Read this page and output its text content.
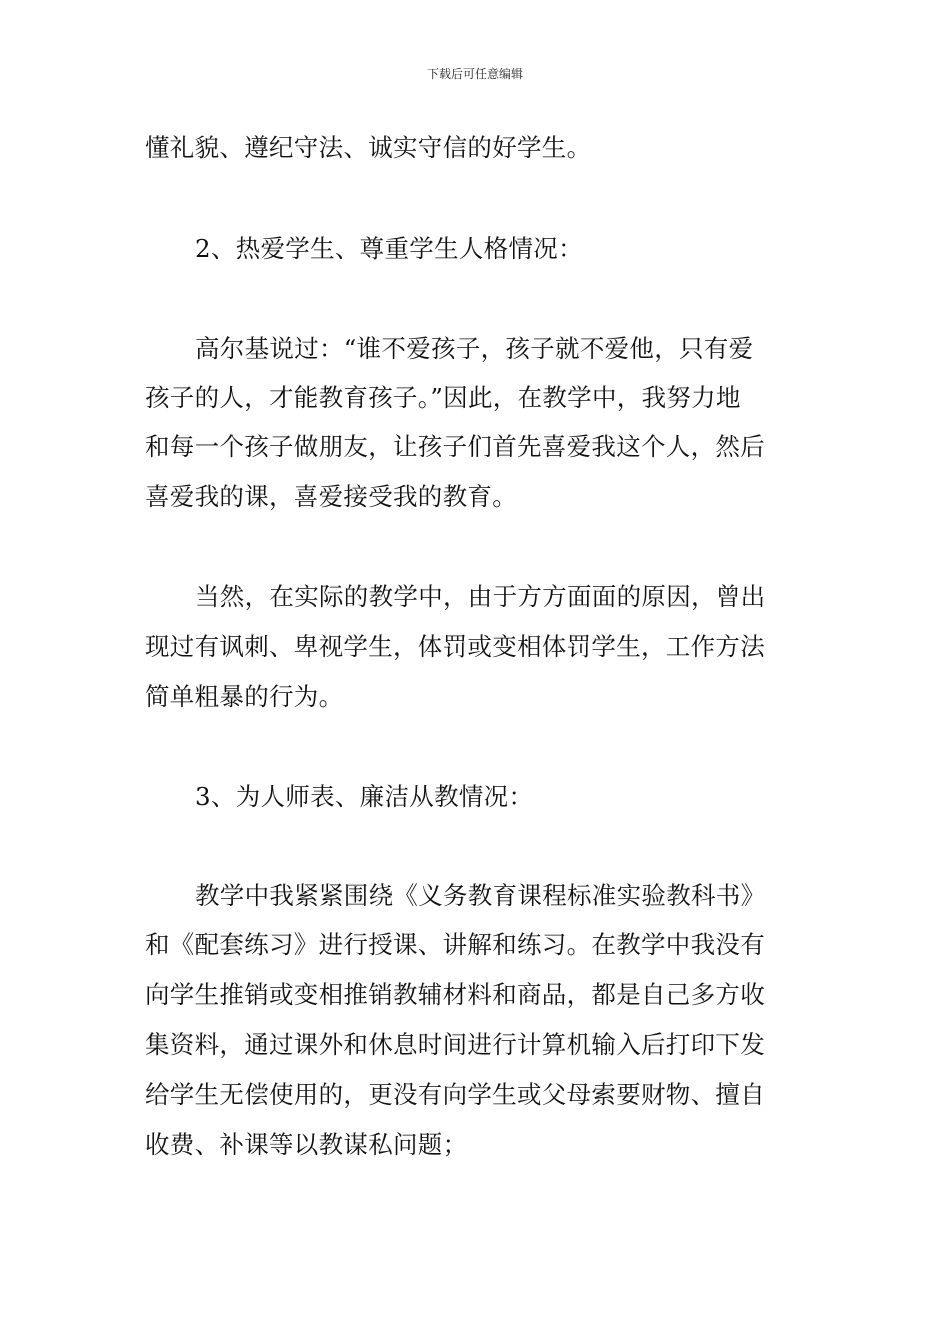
下载后可任意编辑
懂礼貌、遵纪守法、诚实守信的好学生。
2、热爱学生、尊重学生人格情况：
高尔基说过：“谁不爱孩子，孩子就不爱他，只有爱
孩子的人，才能教育孩子。”因此，在教学中，我努力地
和每一个孩子做朋友，让孩子们首先喜爱我这个人，然后
喜爱我的课，喜爱接受我的教育。
当然，在实际的教学中，由于方方面面的原因，曾出
现过有讽刺、卑视学生，体罚或变相体罚学生，工作方法
简单粗暴的行为。
3、为人师表、廉洁从教情况：
教学中我紧紧围绕《义务教育课程标准实验教科书》
和《配套练习》进行授课、讲解和练习。在教学中我没有
向学生推销或变相推销教辅材料和商品，都是自己多方收
集资料，通过课外和休息时间进行计算机输入后打印下发
给学生无偿使用的，更没有向学生或父母索要财物、擅自
收费、补课等以教谋私问题；
